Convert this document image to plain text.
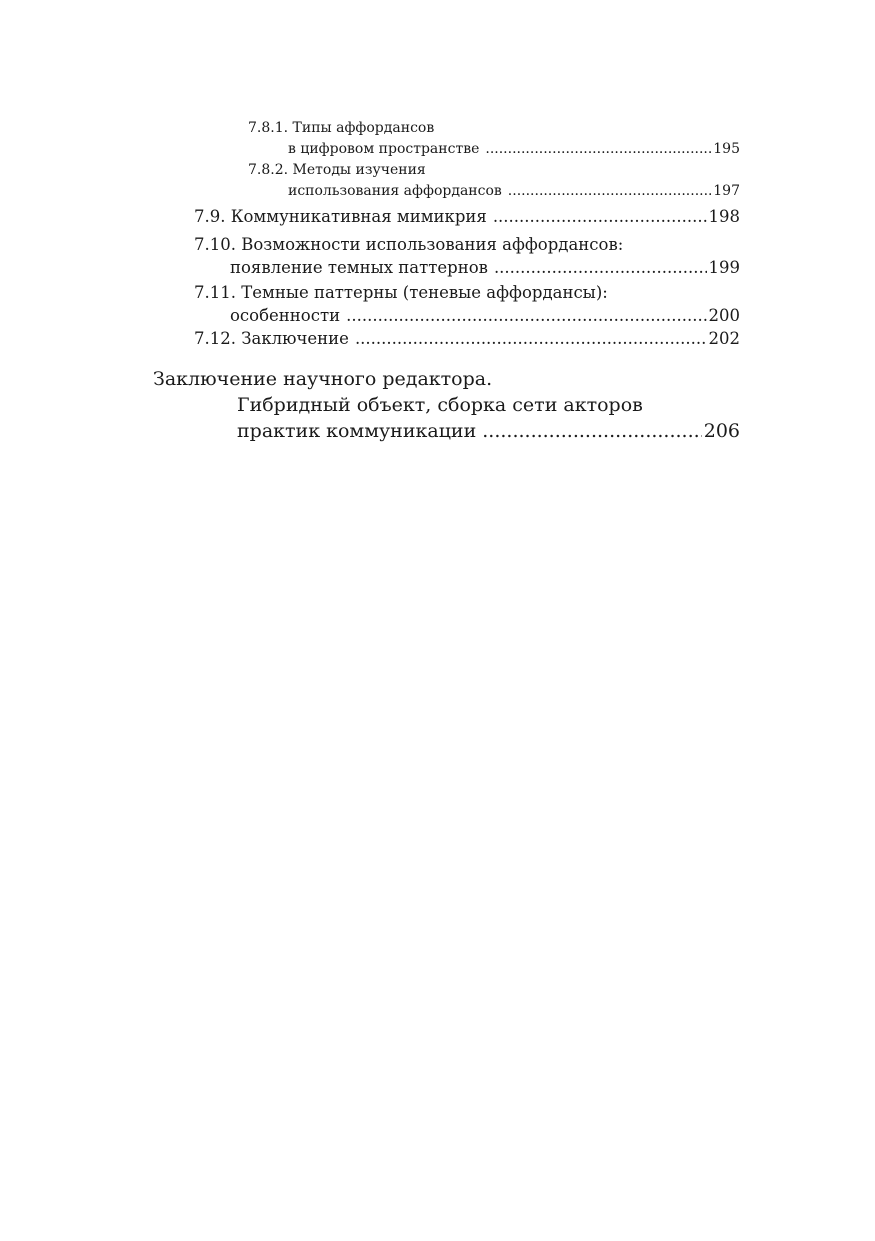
7.8.1. Типы аффордансов
в цифровом пространстве .....	195
7.8.2. Методы изучения
использования аффордансов .....	197
7.9. Коммуникативная мимикрия .....	198
7.10. Возможности использования аффордансов:
появление темных паттернов .....	199
7.11. Темные паттерны (теневые аффордансы):
особенности .....	200
7.12. Заключение .....	202
Заключение научного редактора.
Гибридный объект, сборка сети акторов
практик коммуникации .....	206
